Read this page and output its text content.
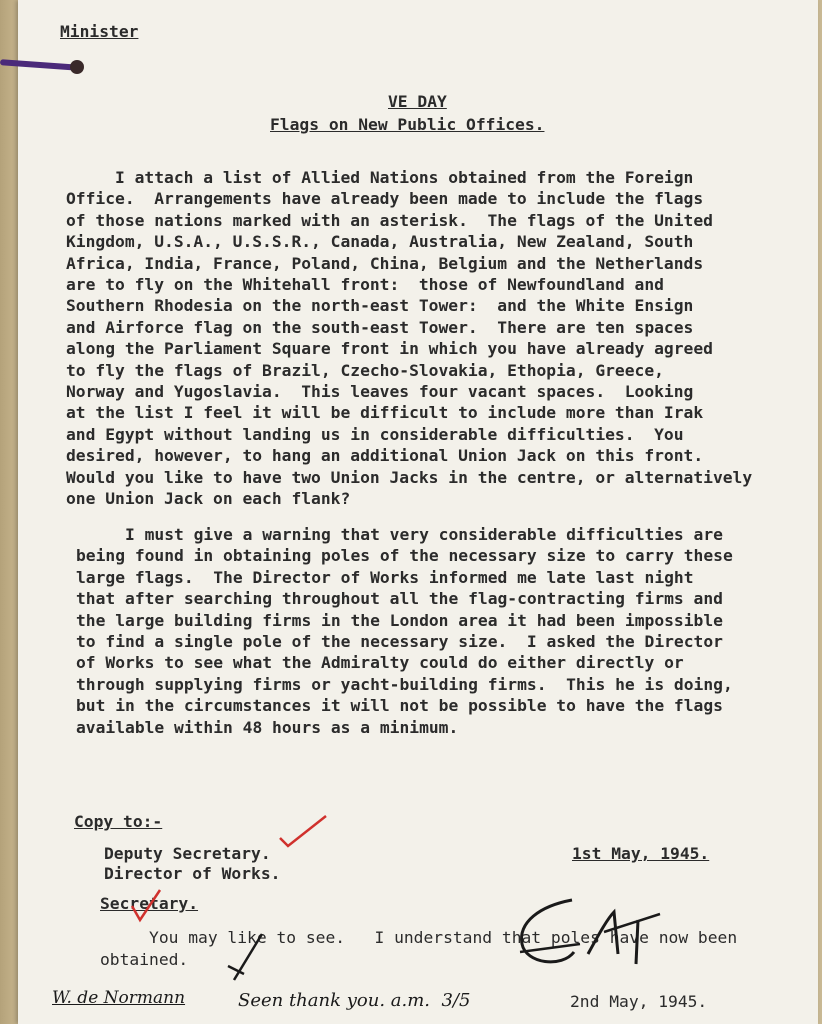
Minister
VE DAY
Flags on New Public Offices.
I attach a list of Allied Nations obtained from the Foreign
Office.  Arrangements have already been made to include the flags
of those nations marked with an asterisk.  The flags of the United
Kingdom, U.S.A., U.S.S.R., Canada, Australia, New Zealand, South
Africa, India, France, Poland, China, Belgium and the Netherlands
are to fly on the Whitehall front:  those of Newfoundland and
Southern Rhodesia on the north-east Tower:  and the White Ensign
and Airforce flag on the south-east Tower.  There are ten spaces
along the Parliament Square front in which you have already agreed
to fly the flags of Brazil, Czecho-Slovakia, Ethopia, Greece,
Norway and Yugoslavia.  This leaves four vacant spaces.  Looking
at the list I feel it will be difficult to include more than Irak
and Egypt without landing us in considerable difficulties.  You
desired, however, to hang an additional Union Jack on this front.
Would you like to have two Union Jacks in the centre, or alternatively
one Union Jack on each flank?
I must give a warning that very considerable difficulties are
being found in obtaining poles of the necessary size to carry these
large flags.  The Director of Works informed me late last night
that after searching throughout all the flag-contracting firms and
the large building firms in the London area it had been impossible
to find a single pole of the necessary size.  I asked the Director
of Works to see what the Admiralty could do either directly or
through supplying firms or yacht-building firms.  This he is doing,
but in the circumstances it will not be possible to have the flags
available within 48 hours as a minimum.
Copy to:-
Deputy Secretary.
Director of Works.
1st May, 1945.
Secretary.
You may like to see.   I understand that poles have now been
obtained.
2nd May, 1945.
W. de Normann	Seen thank you. a.m.  3/5
